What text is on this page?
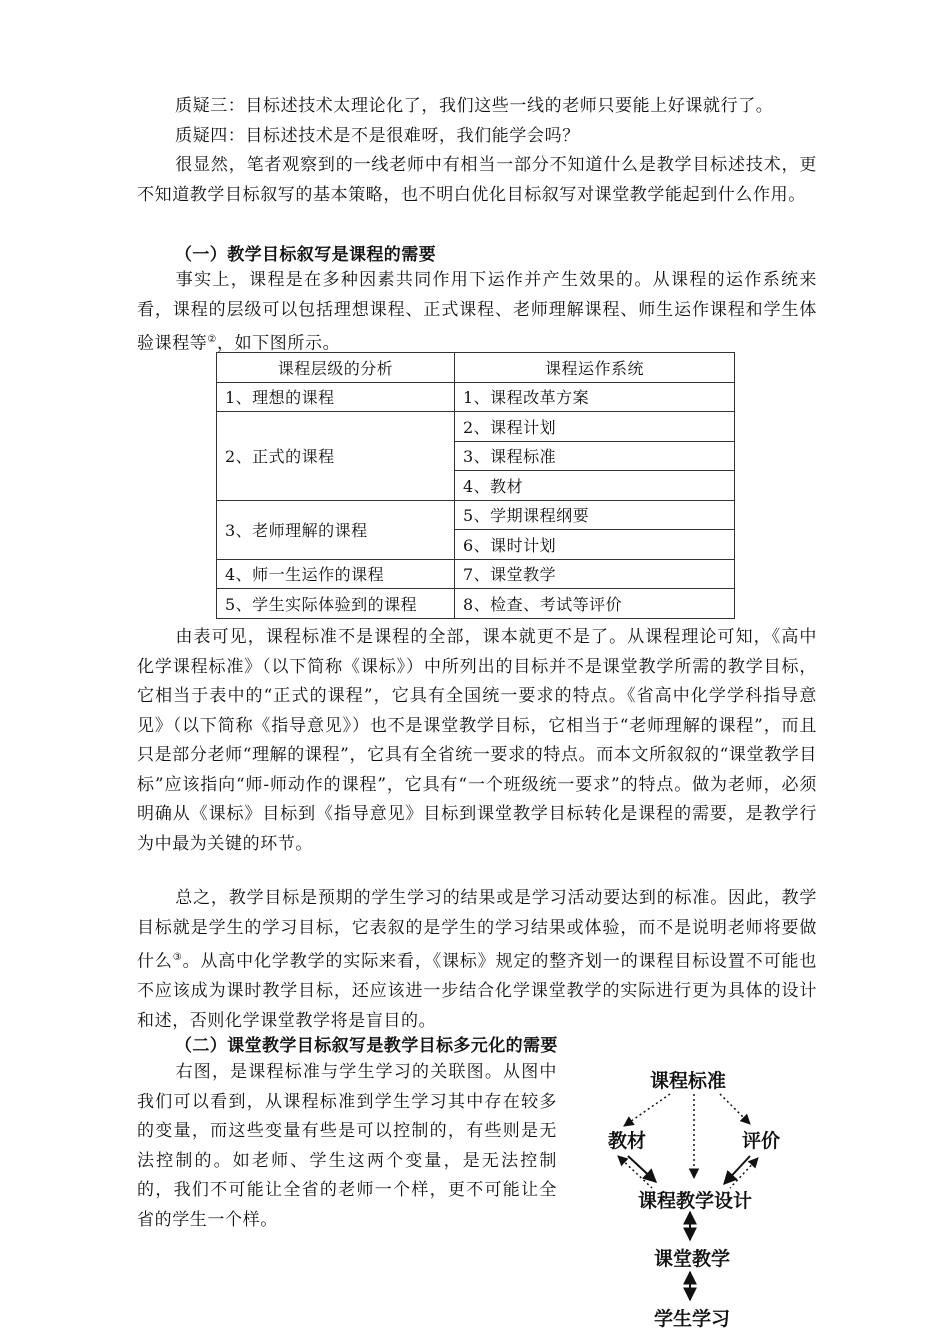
质疑三：目标述技术太理论化了，我们这些一线的老师只要能上好课就行了。

质疑四：目标述技术是不是很难呀，我们能学会吗？

很显然，笔者观察到的一线老师中有相当一部分不知道什么是教学目标述技术，更不知道教学目标叙写的基本策略，也不明白优化目标叙写对课堂教学能起到什么作用。

（一）教学目标叙写是课程的需要

事实上，课程是在多种因素共同作用下运作并产生效果的。从课程的运作系统来看，课程的层级可以包括理想课程、正式课程、老师理解课程、师生运作课程和学生体验课程等②，如下图所示。

课程层级的分析	课程运作系统
1、理想的课程	1、课程改革方案
2、正式的课程	2、课程计划
	3、课程标准
	4、教材
3、老师理解的课程	5、学期课程纲要
	6、课时计划
4、师一生运作的课程	7、课堂教学
5、学生实际体验到的课程	8、检查、考试等评价

由表可见，课程标准不是课程的全部，课本就更不是了。从课程理论可知，《高中化学课程标准》（以下简称《课标》）中所列出的目标并不是课堂教学所需的教学目标，它相当于表中的“正式的课程”，它具有全国统一要求的特点。《省高中化学学科指导意见》（以下简称《指导意见》）也不是课堂教学目标，它相当于“老师理解的课程”，而且只是部分老师“理解的课程”，它具有全省统一要求的特点。而本文所叙叙的“课堂教学目标”应该指向“师-师动作的课程”，它具有“一个班级统一要求”的特点。做为老师，必须明确从《课标》目标到《指导意见》目标到课堂教学目标转化是课程的需要，是教学行为中最为关键的环节。

总之，教学目标是预期的学生学习的结果或是学习活动要达到的标准。因此，教学目标就是学生的学习目标，它表叙的是学生的学习结果或体验，而不是说明老师将要做什么③。从高中化学教学的实际来看，《课标》规定的整齐划一的课程目标设置不可能也不应该成为课时教学目标，还应该进一步结合化学课堂教学的实际进行更为具体的设计和述，否则化学课堂教学将是盲目的。

（二）课堂教学目标叙写是教学目标多元化的需要

右图，是课程标准与学生学习的关联图。从图中我们可以看到，从课程标准到学生学习其中存在较多的变量，而这些变量有些是可以控制的，有些则是无法控制的。如老师、学生这两个变量，是无法控制的，我们不可能让全省的老师一个样，更不可能让全省的学生一个样。

课程标准
教材	评价
课程教学设计
课堂教学
学生学习
